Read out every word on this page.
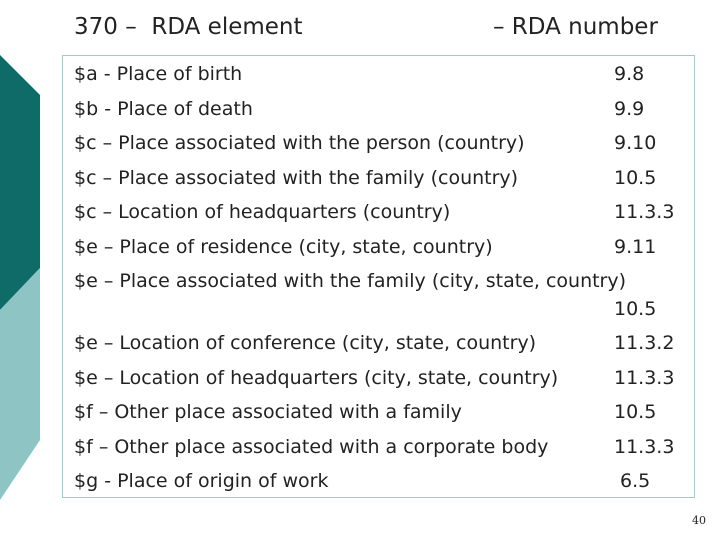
370 –  RDA element	– RDA number
$a - Place of birth
$b - Place of death
$c – Place associated with the person (country)
$c – Place associated with the family (country)
$c – Location of headquarters (country)
$e – Place of residence (city, state, country)
$e – Place associated with the family (city, state, country)
$e – Location of conference (city, state, country)
$e – Location of headquarters (city, state, country)
$f – Other place associated with a family
$f – Other place associated with a corporate body
$g - Place of origin of work
9.8
9.9
9.10
10.5
11.3.3
9.11
10.5
11.3.2
11.3.3
10.5
11.3.3
6.5
40
